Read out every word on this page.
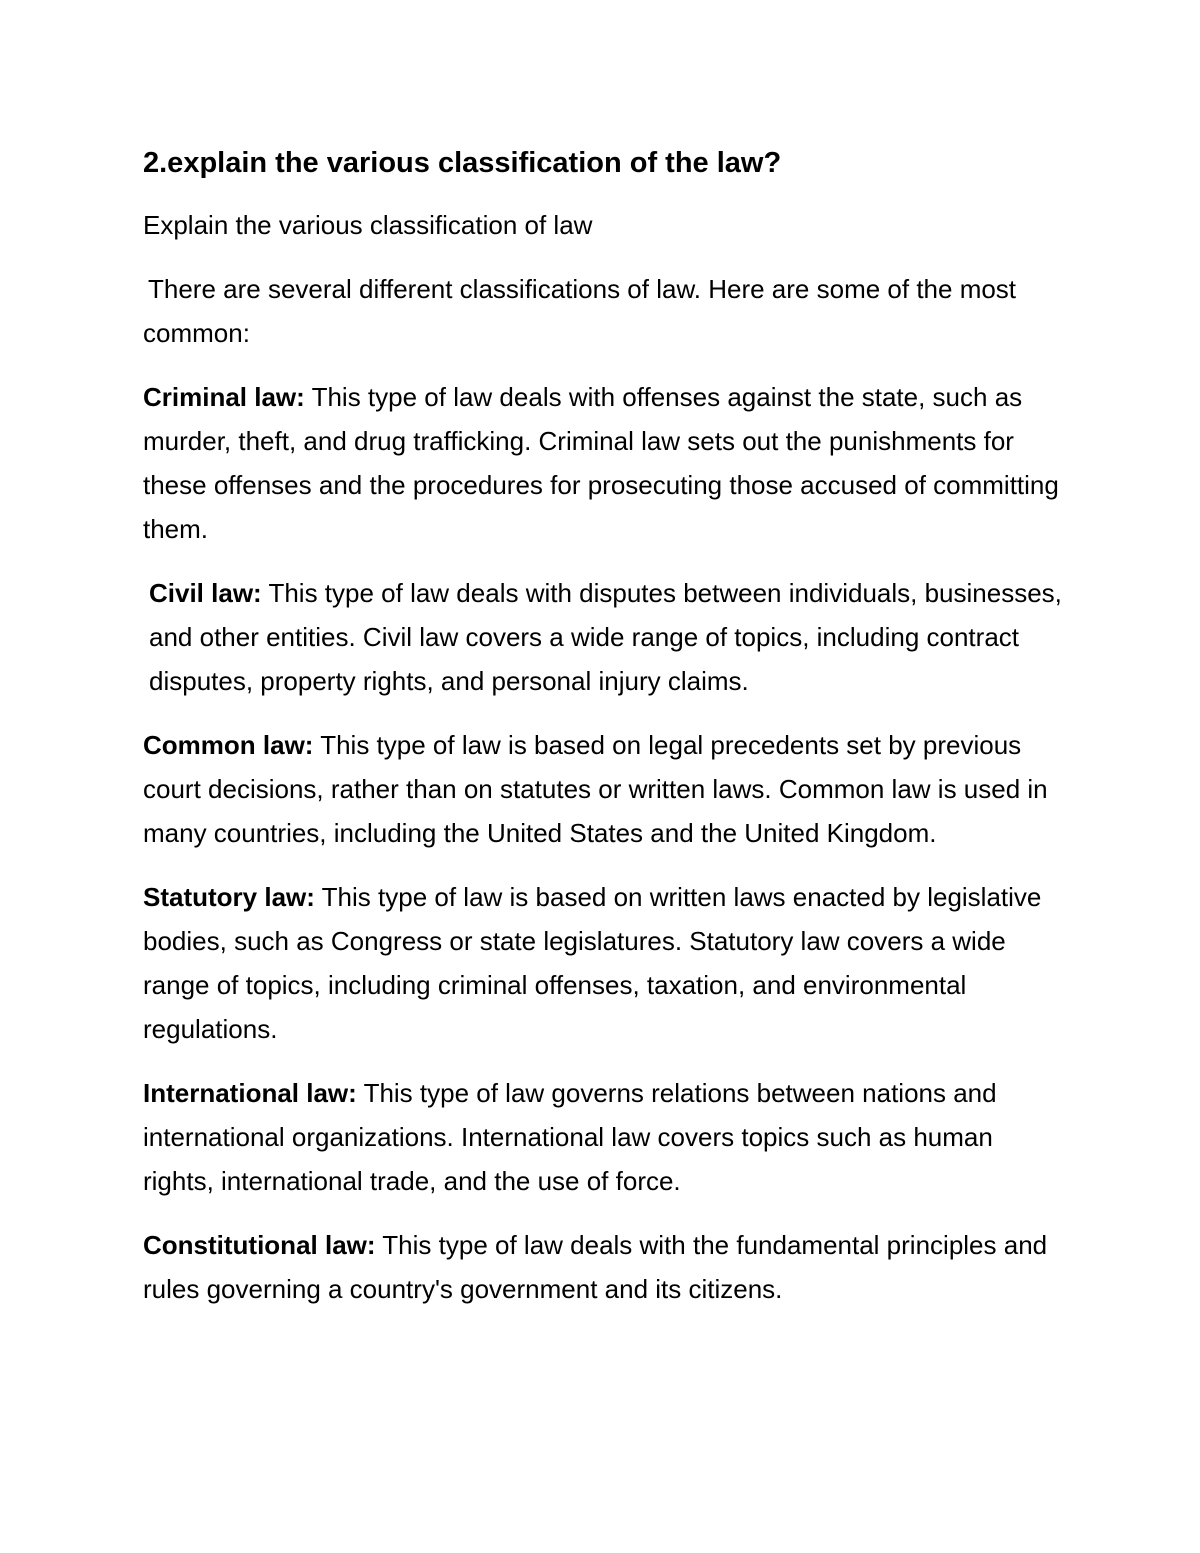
2.explain the various classification of the law?

Explain the various classification of law

There are several different classifications of law. Here are some of the most common:

Criminal law: This type of law deals with offenses against the state, such as murder, theft, and drug trafficking. Criminal law sets out the punishments for these offenses and the procedures for prosecuting those accused of committing them.

Civil law: This type of law deals with disputes between individuals, businesses, and other entities. Civil law covers a wide range of topics, including contract disputes, property rights, and personal injury claims.

Common law: This type of law is based on legal precedents set by previous court decisions, rather than on statutes or written laws. Common law is used in many countries, including the United States and the United Kingdom.

Statutory law: This type of law is based on written laws enacted by legislative bodies, such as Congress or state legislatures. Statutory law covers a wide range of topics, including criminal offenses, taxation, and environmental regulations.

International law: This type of law governs relations between nations and international organizations. International law covers topics such as human rights, international trade, and the use of force.

Constitutional law: This type of law deals with the fundamental principles and rules governing a country's government and its citizens.
